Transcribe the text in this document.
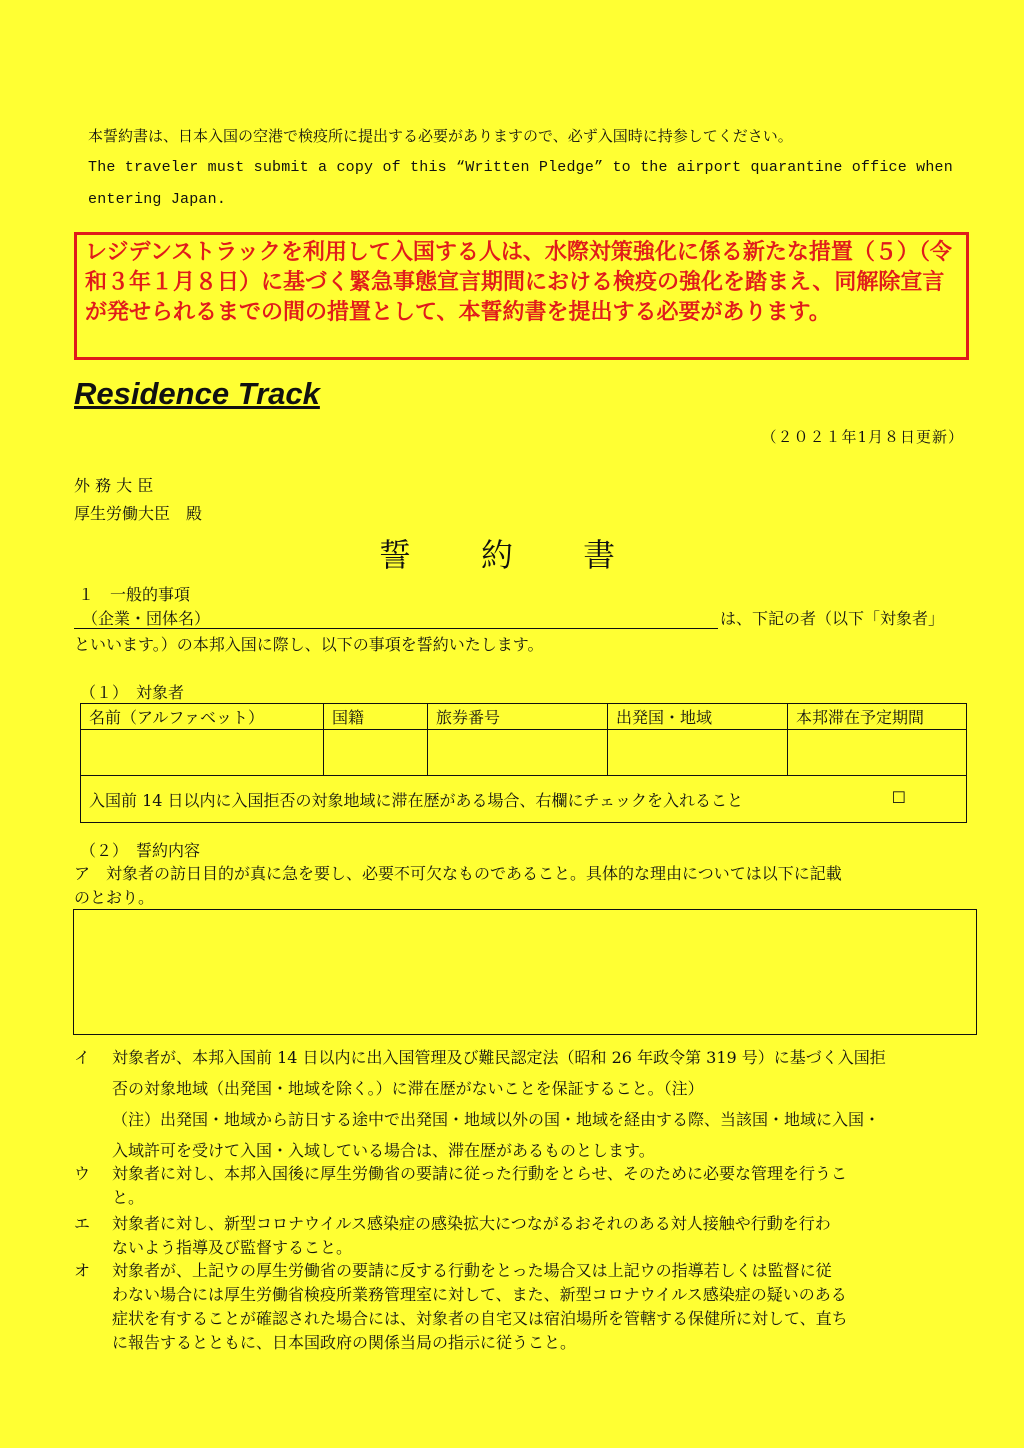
本誓約書は、日本入国の空港で検疫所に提出する必要がありますので、必ず入国時に持参してください。
The traveler must submit a copy of this “Written Pledge” to the airport quarantine office when
entering Japan.
レジデンストラックを利用して入国する人は、水際対策強化に係る新たな措置（５）（令和３年１月８日）に基づく緊急事態宣言期間における検疫の強化を踏まえ、同解除宣言が発せられるまでの間の措置として、本誓約書を提出する必要があります。
Residence Track
（２０２１年1月８日更新）
外 務 大 臣
厚生労働大臣　殿
誓 約 書
１　一般的事項
（企業・団体名）	は、下記の者（以下「対象者」
といいます。）の本邦入国に際し、以下の事項を誓約いたします。
（１）　対象者
名前（アルファベット）	国籍	旅券番号	出発国・地域	本邦滞在予定期間

入国前 14 日以内に入国拒否の対象地域に滞在歴がある場合、右欄にチェックを入れること ☐				
（２）　誓約内容
ア 対象者の訪日目的が真に急を要し、必要不可欠なものであること。具体的な理由については以下に記載
のとおり。
イ 対象者が、本邦入国前 14 日以内に出入国管理及び難民認定法（昭和 26 年政令第 319 号）に基づく入国拒
否の対象地域（出発国・地域を除く。）に滞在歴がないことを保証すること。（注）
（注）出発国・地域から訪日する途中で出発国・地域以外の国・地域を経由する際、当該国・地域に入国・
入域許可を受けて入国・入域している場合は、滞在歴があるものとします。
ウ 対象者に対し、本邦入国後に厚生労働省の要請に従った行動をとらせ、そのために必要な管理を行うこ
と。
エ 対象者に対し、新型コロナウイルス感染症の感染拡大につながるおそれのある対人接触や行動を行わ
ないよう指導及び監督すること。
オ 対象者が、上記ウの厚生労働省の要請に反する行動をとった場合又は上記ウの指導若しくは監督に従
わない場合には厚生労働省検疫所業務管理室に対して、また、新型コロナウイルス感染症の疑いのある
症状を有することが確認された場合には、対象者の自宅又は宿泊場所を管轄する保健所に対して、直ち
に報告するとともに、日本国政府の関係当局の指示に従うこと。
